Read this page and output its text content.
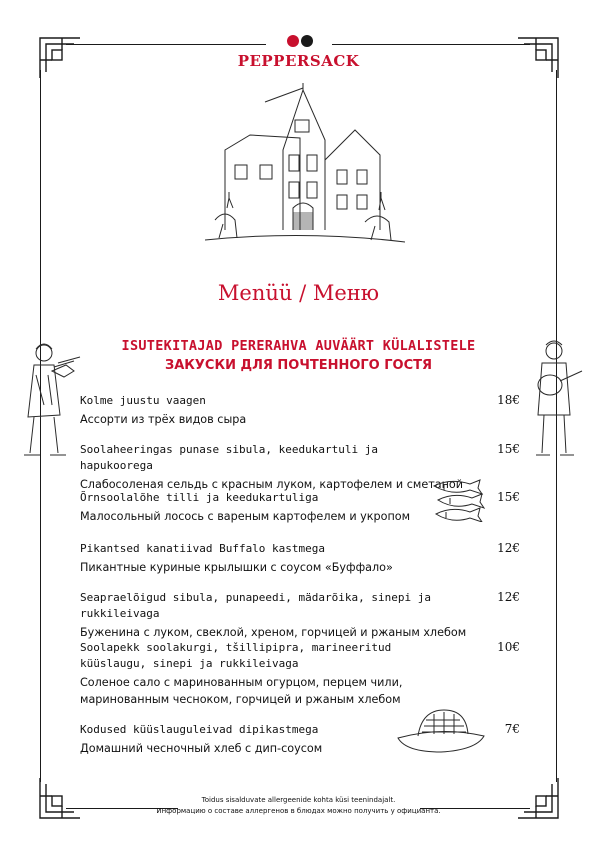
PEPPERSACK
Menüü / Меню
ISUTEKITAJAD PERERAHVA AUVÄÄRT KÜLALISTELE
ЗАКУСКИ ДЛЯ ПОЧТЕННОГО ГОСТЯ
Kolme juustu vaagen
Ассорти из трёх видов сыра
18€
Soolaheeringas punase sibula, keedukartuli ja hapukoorega
Слабосоленая сельдь с красным луком, картофелем и сметаной
15€
Õrnsoolalõhe tilli ja keedukartuliga
Малосольный лосось с вареным картофелем и укропом
15€
Pikantsed kanatiivad Buffalo kastmega
Пикантные куриные крылышки с соусом «Буффало»
12€
Seapraelõigud sibula, punapeedi, mädarõika, sinepi ja rukkileivaga
Буженина с луком, свеклой, хреном, горчицей и ржаным хлебом
12€
Soolapekk soolakurgi, tšillipipra, marineeritud küüslaugu, sinepi ja rukkileivaga
Соленое сало с маринованным огурцом, перцем чили, маринованным чесноком, горчицей и ржаным хлебом
10€
Kodused küüslauguleivad dipikastmega
Домашний чесночный хлеб с дип-соусом
7€
Toidus sisalduvate allergeenide kohta küsi teenindajalt.
Информацию о составе аллергенов в блюдах можно получить у официанта.
